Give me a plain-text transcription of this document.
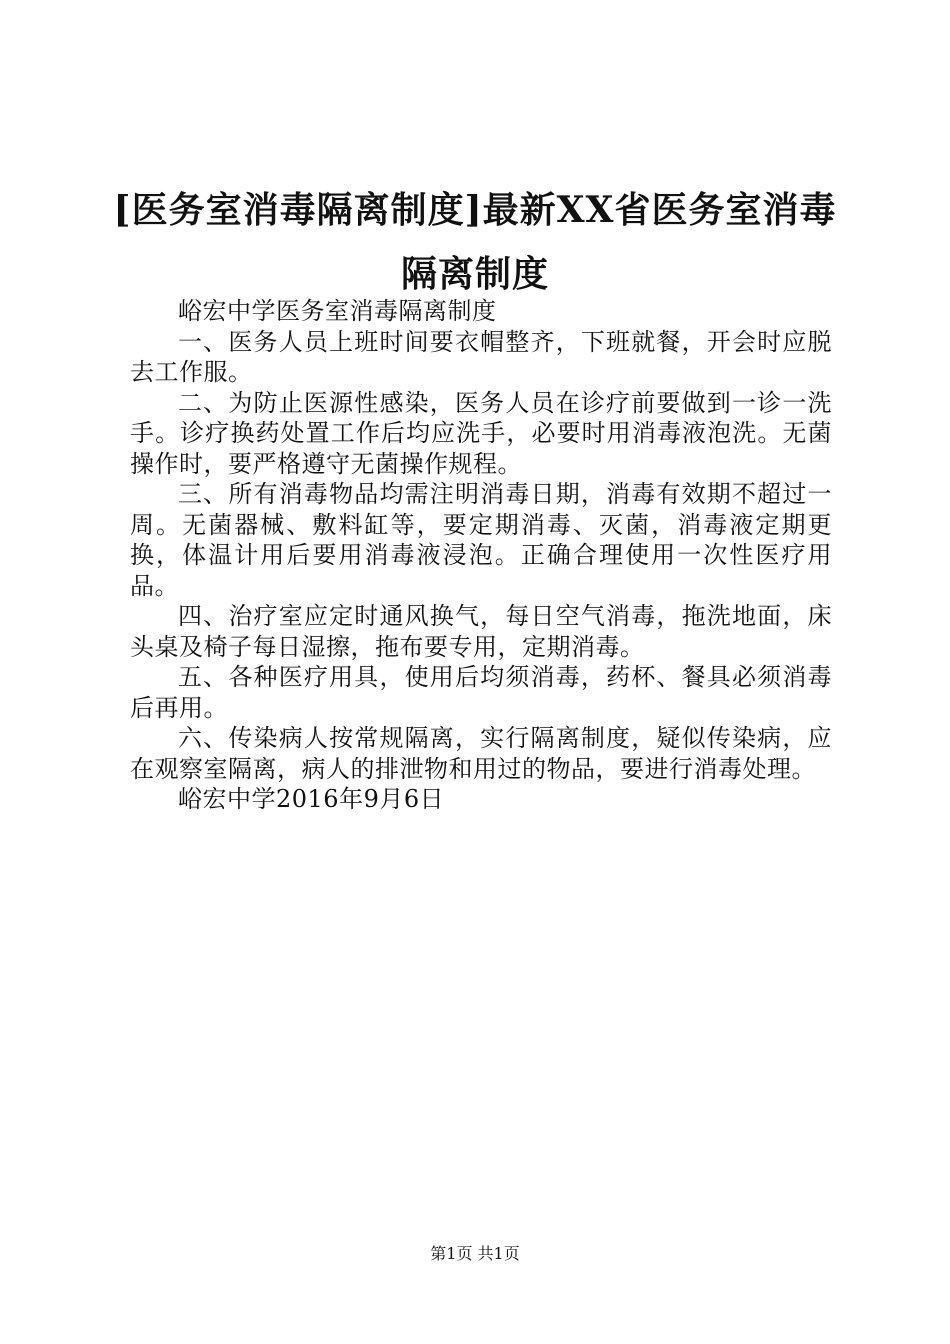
[医务室消毒隔离制度]最新XX省医务室消毒隔离制度

峪宏中学医务室消毒隔离制度

一、医务人员上班时间要衣帽整齐，下班就餐，开会时应脱去工作服。

二、为防止医源性感染，医务人员在诊疗前要做到一诊一洗手。诊疗换药处置工作后均应洗手，必要时用消毒液泡洗。无菌操作时，要严格遵守无菌操作规程。

三、所有消毒物品均需注明消毒日期，消毒有效期不超过一周。无菌器械、敷料缸等，要定期消毒、灭菌，消毒液定期更换，体温计用后要用消毒液浸泡。正确合理使用一次性医疗用品。

四、治疗室应定时通风换气，每日空气消毒，拖洗地面，床头桌及椅子每日湿擦，拖布要专用，定期消毒。

五、各种医疗用具，使用后均须消毒，药杯、餐具必须消毒后再用。

六、传染病人按常规隔离，实行隔离制度，疑似传染病，应在观察室隔离，病人的排泄物和用过的物品，要进行消毒处理。

峪宏中学2016年9月6日

第1页 共1页
